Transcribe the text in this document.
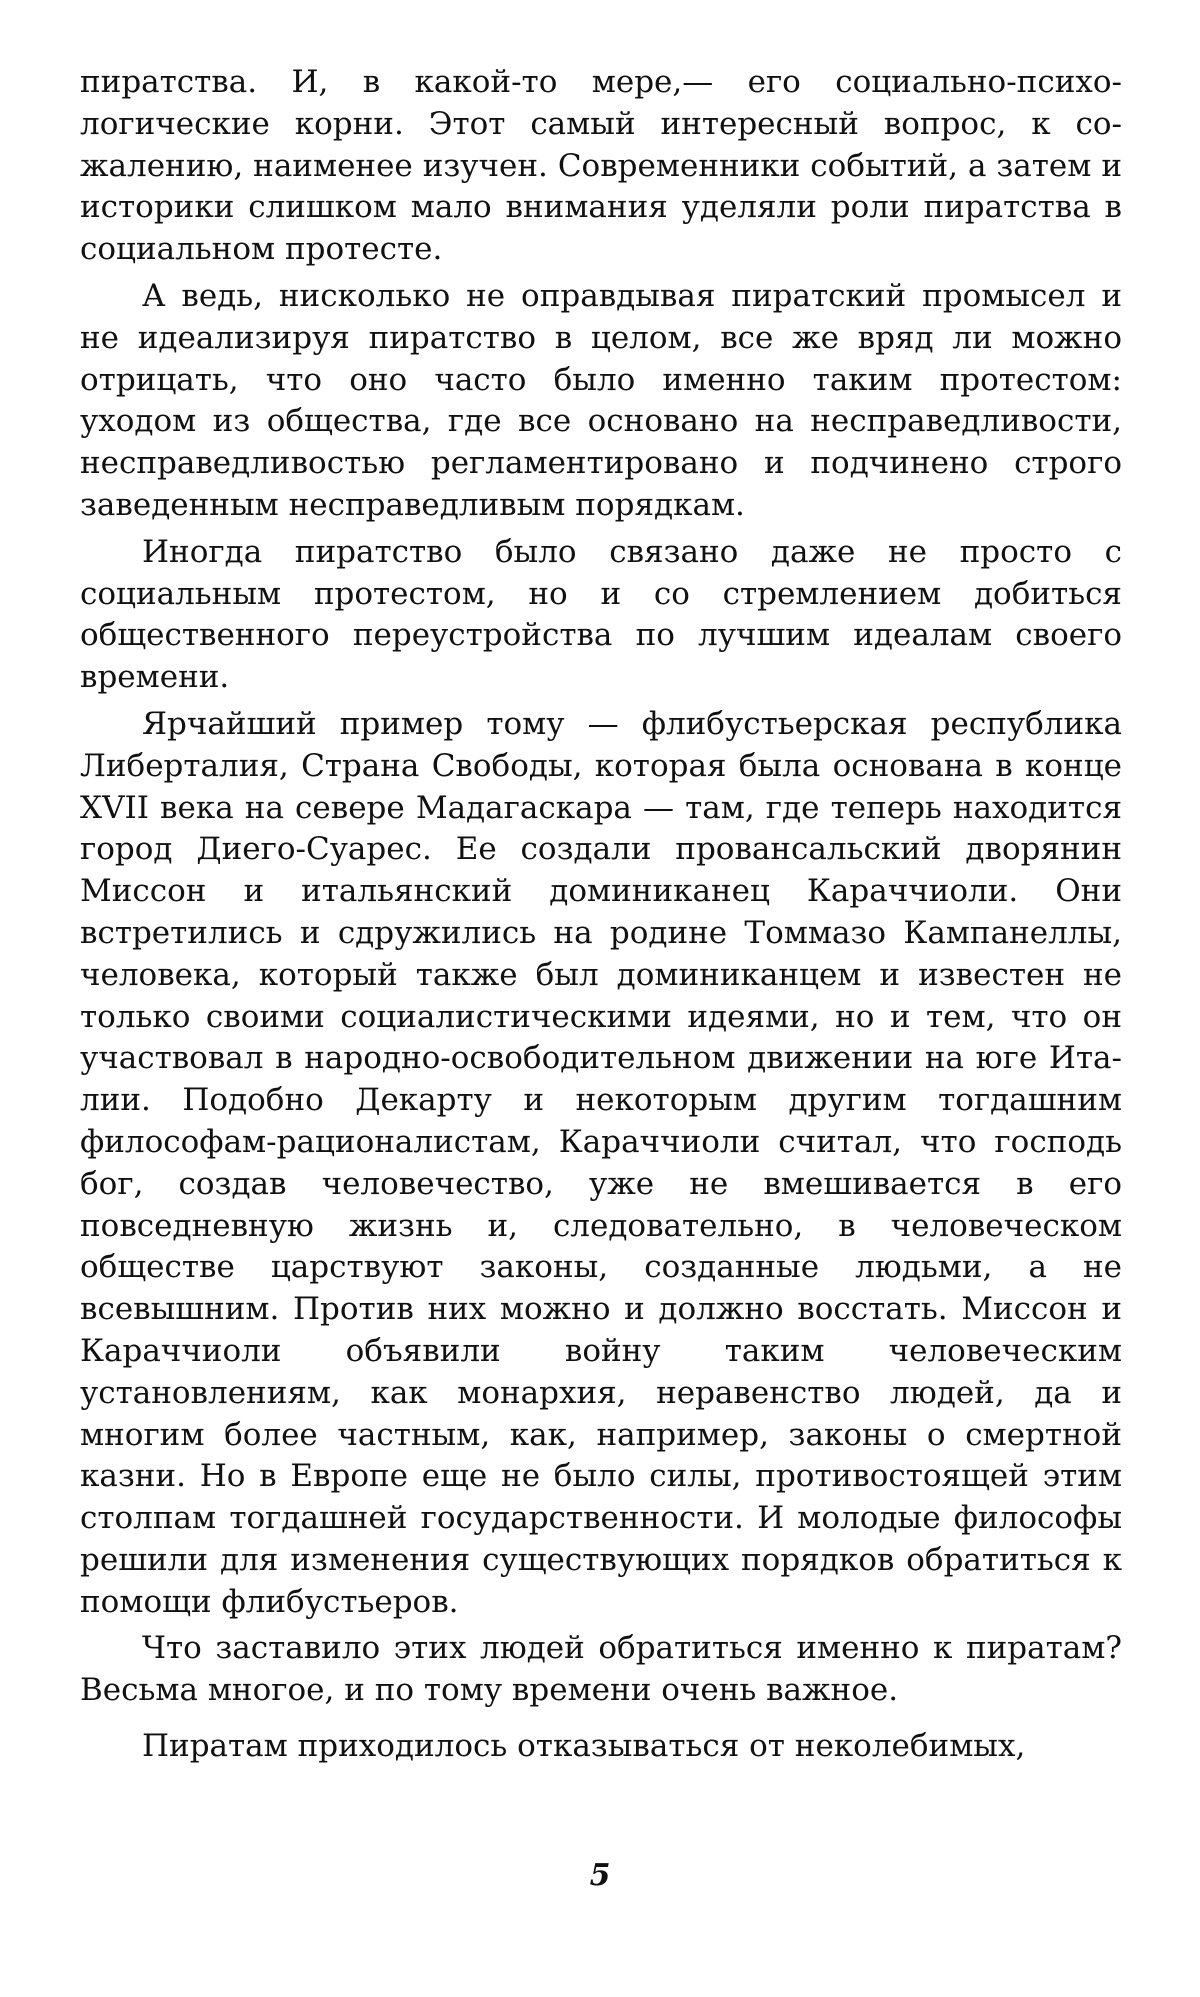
пиратства. И, в какой-то мере,— его социально-психологические корни. Этот самый интересный вопрос, к сожалению, наименее изучен. Современники событий, а затем и историки слишком мало внимания уделяли роли пиратства в социальном протесте.

А ведь, нисколько не оправдывая пиратский промысел и не идеализируя пиратство в целом, все же вряд ли можно отрицать, что оно часто было именно таким протестом: уходом из общества, где все основано на несправедливости, несправедливостью регламентировано и подчинено строго заведенным несправедливым порядкам.

Иногда пиратство было связано даже не просто с социальным протестом, но и со стремлением добиться общественного переустройства по лучшим идеалам своего времени.

Ярчайший пример тому — флибустьерская республика Либерталия, Страна Свободы, которая была основана в конце XVII века на севере Мадагаскара — там, где теперь находится город Диего-Суарес. Ее создали провансальский дворянин Миссон и итальянский доминиканец Караччиоли. Они встретились и сдружились на родине Томмазо Кампанеллы, человека, который также был доминиканцем и известен не только своими социалистическими идеями, но и тем, что он участвовал в народно-освободительном движении на юге Италии. Подобно Декарту и некоторым другим тогдашним философам-рационалистам, Караччиоли считал, что господь бог, создав человечество, уже не вмешивается в его повседневную жизнь и, следовательно, в человеческом обществе царствуют законы, созданные людьми, а не всевышним. Против них можно и должно восстать. Миссон и Караччиоли объявили войну таким человеческим установлениям, как монархия, неравенство людей, да и многим более частным, как, например, законы о смертной казни. Но в Европе еще не было силы, противостоящей этим столпам тогдашней государственности. И молодые философы решили для изменения существующих порядков обратиться к помощи флибустьеров.

Что заставило этих людей обратиться именно к пиратам? Весьма многое, и по тому времени очень важное.

Пиратам приходилось отказываться от неколебимых,

5
